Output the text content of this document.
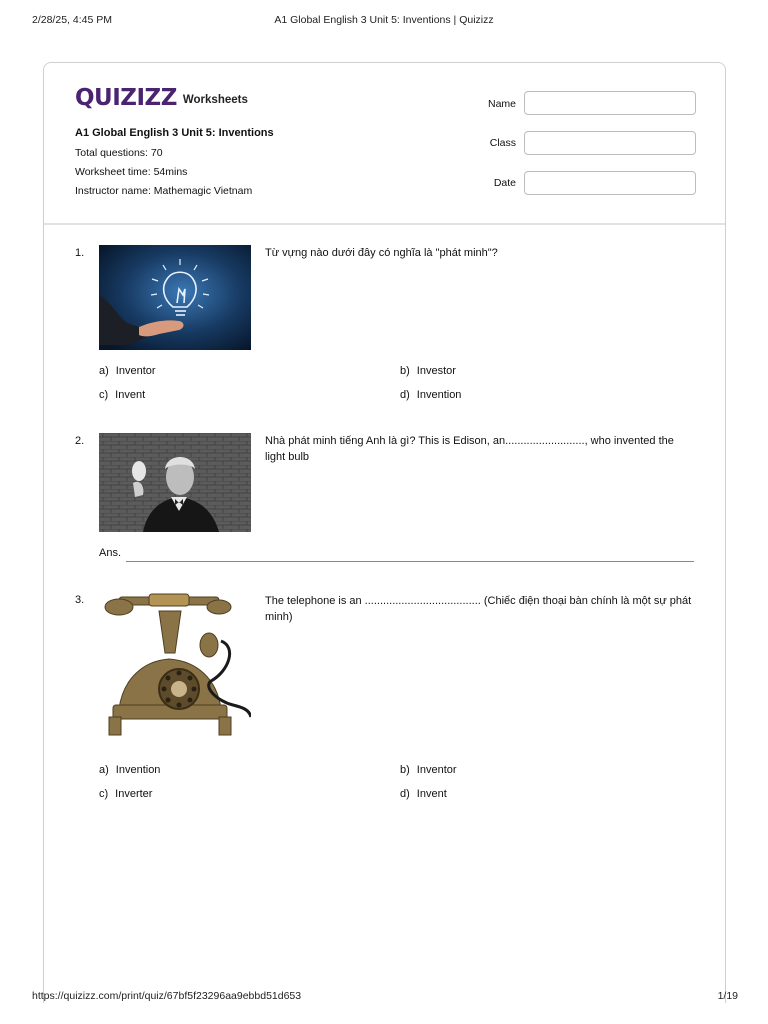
2/28/25, 4:45 PM	A1 Global English 3 Unit 5: Inventions | Quizizz
QUIZIZZ Worksheets
A1 Global English 3 Unit 5: Inventions
Total questions: 70
Worksheet time: 54mins
Instructor name: Mathemagic Vietnam
Name
Class
Date
1.	Từ vựng nào dưới đây có nghĩa là "phát minh"?
a) Inventor	b) Investor
c) Invent	d) Invention
2.	Nhà phát minh tiếng Anh là gì? This is Edison, an.........................., who invented the light bulb
Ans.
3.	The telephone is an ...................................... (Chiếc điện thoại bàn chính là một sự phát minh)
a) Invention	b) Inventor
c) Inverter	d) Invent
https://quizizz.com/print/quiz/67bf5f23296aa9ebbd51d653	1/19
